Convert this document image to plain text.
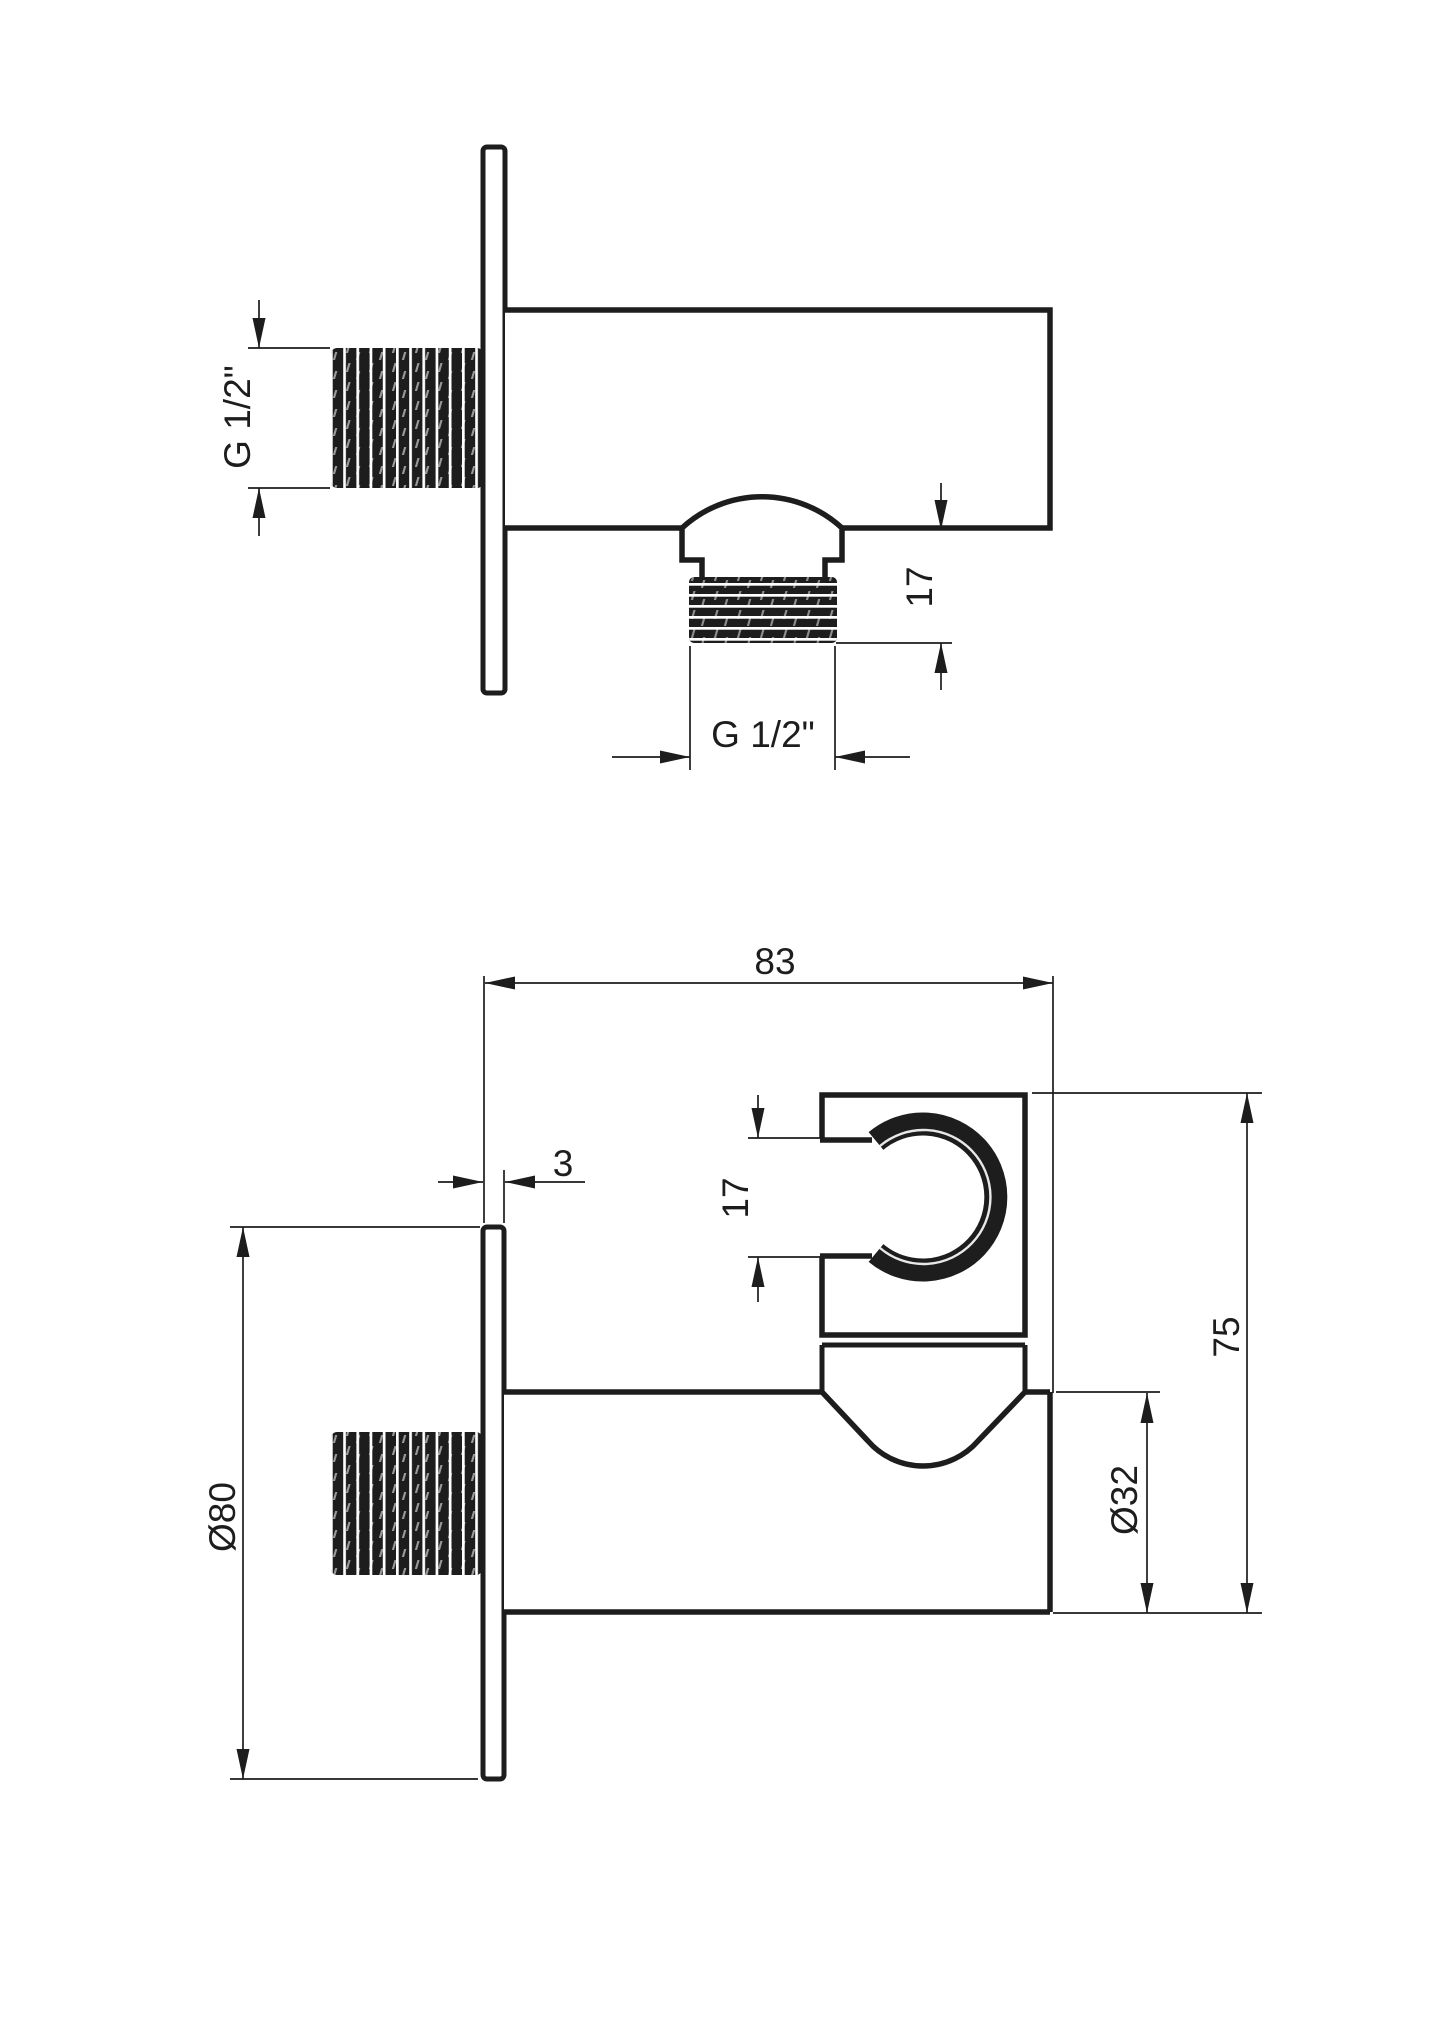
G 1/2"
17
G 1/2"
83
3
17
75
Ø32
Ø80
